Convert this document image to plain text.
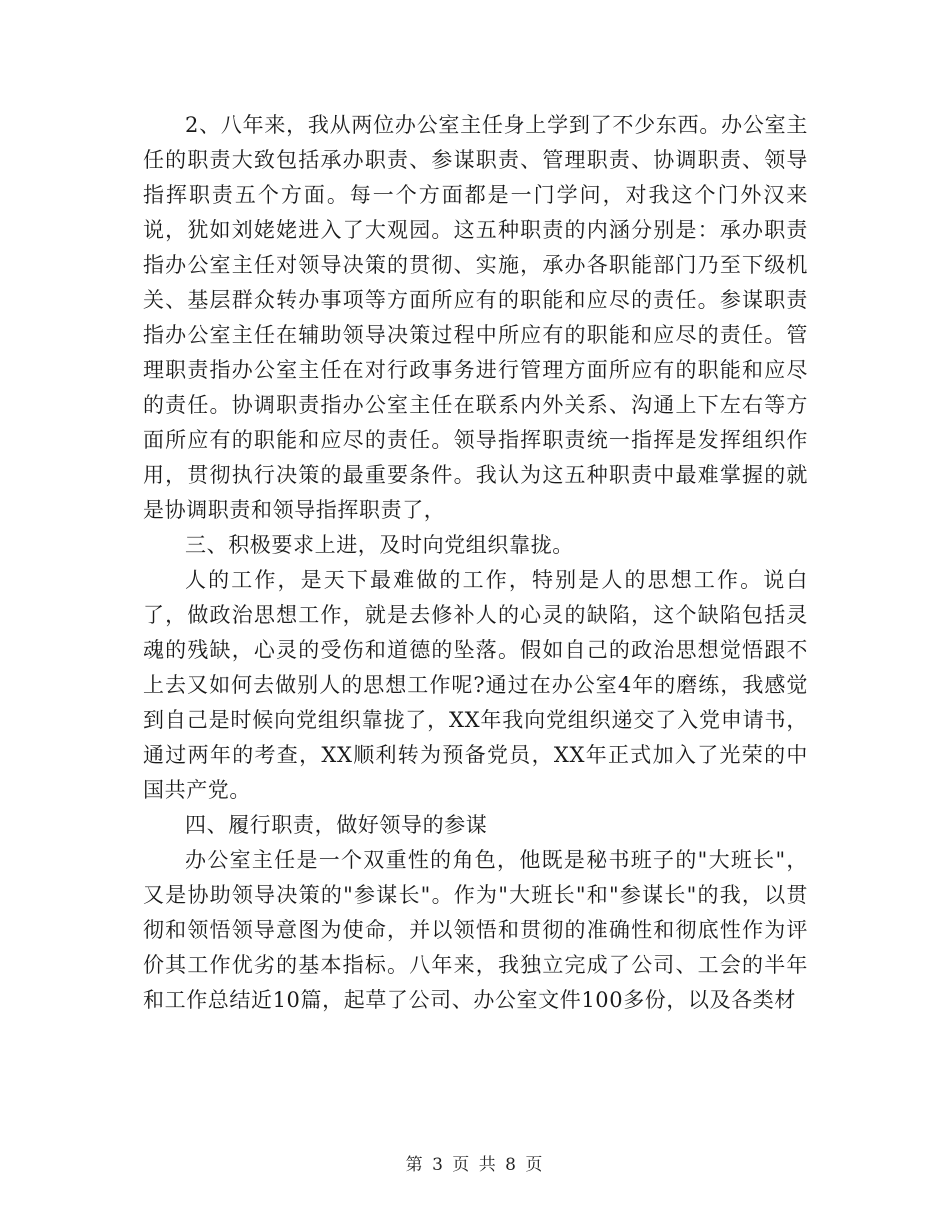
2、八年来，我从两位办公室主任身上学到了不少东西。办公室主任的职责大致包括承办职责、参谋职责、管理职责、协调职责、领导指挥职责五个方面。每一个方面都是一门学问，对我这个门外汉来说，犹如刘姥姥进入了大观园。这五种职责的内涵分别是：承办职责指办公室主任对领导决策的贯彻、实施，承办各职能部门乃至下级机关、基层群众转办事项等方面所应有的职能和应尽的责任。参谋职责指办公室主任在辅助领导决策过程中所应有的职能和应尽的责任。管理职责指办公室主任在对行政事务进行管理方面所应有的职能和应尽的责任。协调职责指办公室主任在联系内外关系、沟通上下左右等方面所应有的职能和应尽的责任。领导指挥职责统一指挥是发挥组织作用，贯彻执行决策的最重要条件。我认为这五种职责中最难掌握的就是协调职责和领导指挥职责了，

三、积极要求上进，及时向党组织靠拢。

人的工作，是天下最难做的工作，特别是人的思想工作。说白了，做政治思想工作，就是去修补人的心灵的缺陷，这个缺陷包括灵魂的残缺，心灵的受伤和道德的坠落。假如自己的政治思想觉悟跟不上去又如何去做别人的思想工作呢?通过在办公室4年的磨练，我感觉到自己是时候向党组织靠拢了，XX年我向党组织递交了入党申请书，通过两年的考查，XX顺利转为预备党员，XX年正式加入了光荣的中国共产党。

四、履行职责，做好领导的参谋

办公室主任是一个双重性的角色，他既是秘书班子的"大班长"，又是协助领导决策的"参谋长"。作为"大班长"和"参谋长"的我，以贯彻和领悟领导意图为使命，并以领悟和贯彻的准确性和彻底性作为评价其工作优劣的基本指标。八年来，我独立完成了公司、工会的半年和工作总结近10篇，起草了公司、办公室文件100多份，以及各类材

第 3 页 共 8 页
